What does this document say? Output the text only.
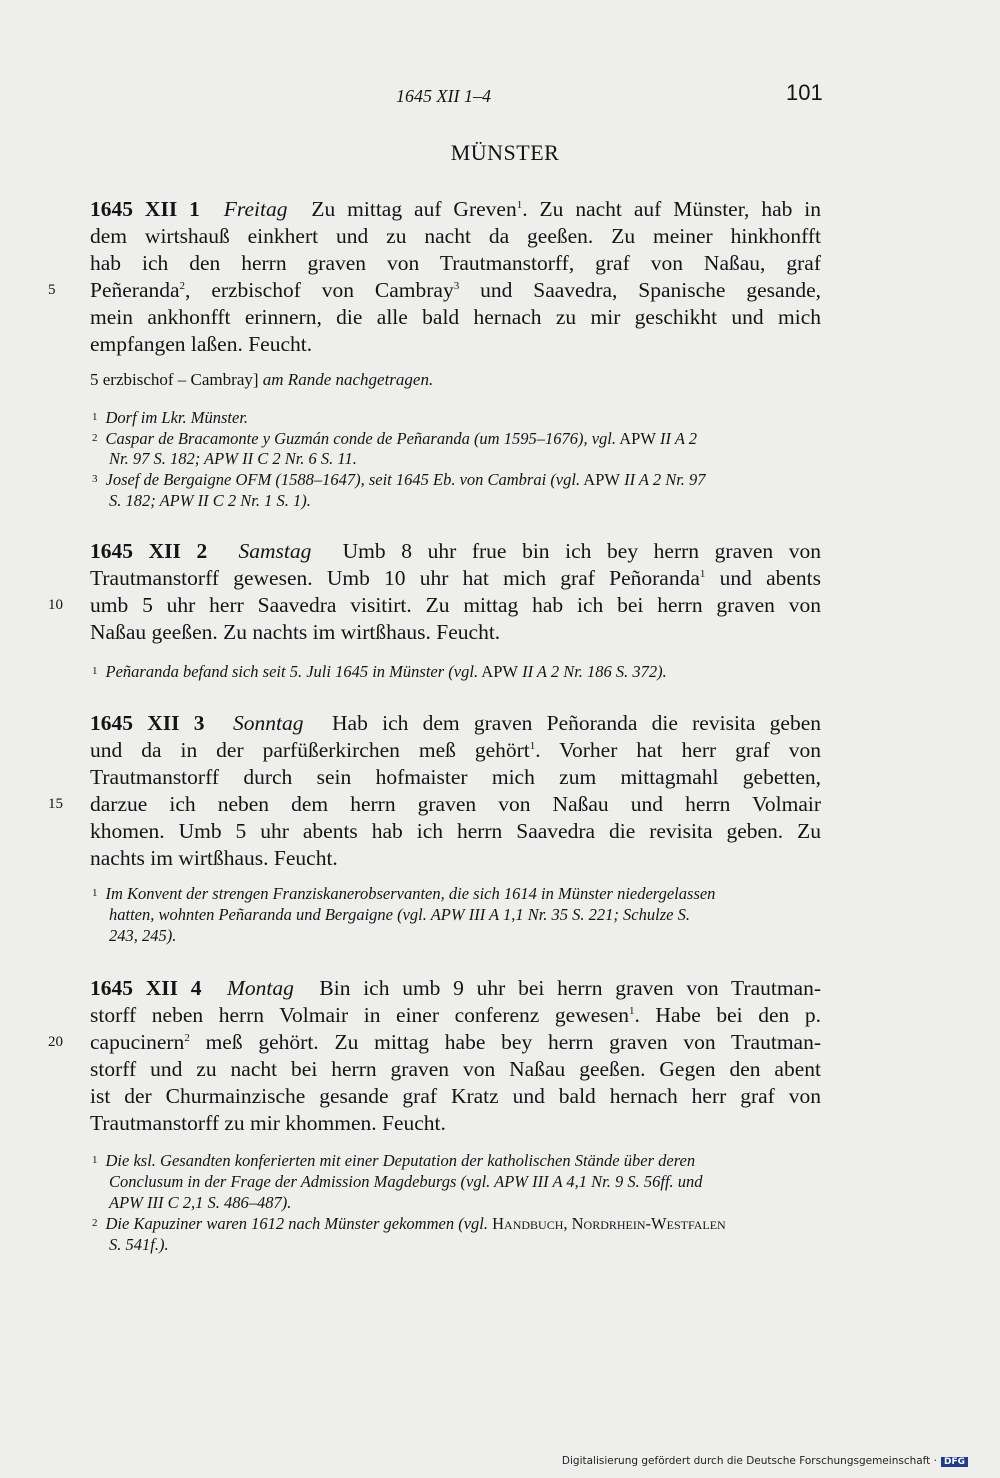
1645 XII 1–4	101
MÜNSTER
1645 XII 1 Freitag Zu mittag auf Greven$^1$. Zu nacht auf Münster, hab in
dem wirtshauß einkhert und zu nacht da geeßen. Zu meiner hinkhonfft
hab ich den herrn graven von Trautmanstorff, graf von Naßau, graf
5 Peñeranda$^2$, erzbischof von Cambray$^3$ und Saavedra, Spanische gesande,
mein ankhonfft erinnern, die alle bald hernach zu mir geschikht und mich
empfangen laßen. Feucht.
5 erzbischof – Cambray] am Rande nachgetragen.
$^1$ Dorf im Lkr. Münster.
$^2$ Caspar de Bracamonte y Guzmán conde de Peñaranda (um 1595–1676), vgl. APW II A 2
Nr. 97 S. 182; APW II C 2 Nr. 6 S. 11.
$^3$ Josef de Bergaigne OFM (1588–1647), seit 1645 Eb. von Cambrai (vgl. APW II A 2 Nr. 97
S. 182; APW II C 2 Nr. 1 S. 1).
1645 XII 2 Samstag Umb 8 uhr frue bin ich bey herrn graven von
Trautmanstorff gewesen. Umb 10 uhr hat mich graf Peñoranda$^1$ und abents
10 umb 5 uhr herr Saavedra visitirt. Zu mittag hab ich bei herrn graven von
Naßau geeßen. Zu nachts im wirtßhaus. Feucht.
$^1$ Peñaranda befand sich seit 5. Juli 1645 in Münster (vgl. APW II A 2 Nr. 186 S. 372).
1645 XII 3 Sonntag Hab ich dem graven Peñoranda die revisita geben
und da in der parfüßerkirchen meß gehört$^1$. Vorher hat herr graf von
Trautmanstorff durch sein hofmaister mich zum mittagmahl gebetten,
15 darzue ich neben dem herrn graven von Naßau und herrn Volmair
khomen. Umb 5 uhr abents hab ich herrn Saavedra die revisita geben. Zu
nachts im wirtßhaus. Feucht.
$^1$ Im Konvent der strengen Franziskanerobservanten, die sich 1614 in Münster niedergelassen
hatten, wohnten Peñaranda und Bergaigne (vgl. APW III A 1,1 Nr. 35 S. 221; Schulze S.
243, 245).
1645 XII 4 Montag Bin ich umb 9 uhr bei herrn graven von Trautman-
storff neben herrn Volmair in einer conferenz gewesen$^1$. Habe bei den p.
20 capucinern$^2$ meß gehört. Zu mittag habe bey herrn graven von Trautman-
storff und zu nacht bei herrn graven von Naßau geeßen. Gegen den abent
ist der Churmainzische gesande graf Kratz und bald hernach herr graf von
Trautmanstorff zu mir khommen. Feucht.
$^1$ Die ksl. Gesandten konferierten mit einer Deputation der katholischen Stände über deren
Conclusum in der Frage der Admission Magdeburgs (vgl. APW III A 4,1 Nr. 9 S. 56ff. und
APW III C 2,1 S. 486–487).
$^2$ Die Kapuziner waren 1612 nach Münster gekommen (vgl. Handbuch, Nordrhein-Westfalen
S. 541f.).
Digitalisierung gefördert durch die Deutsche Forschungsgemeinschaft · DFG
